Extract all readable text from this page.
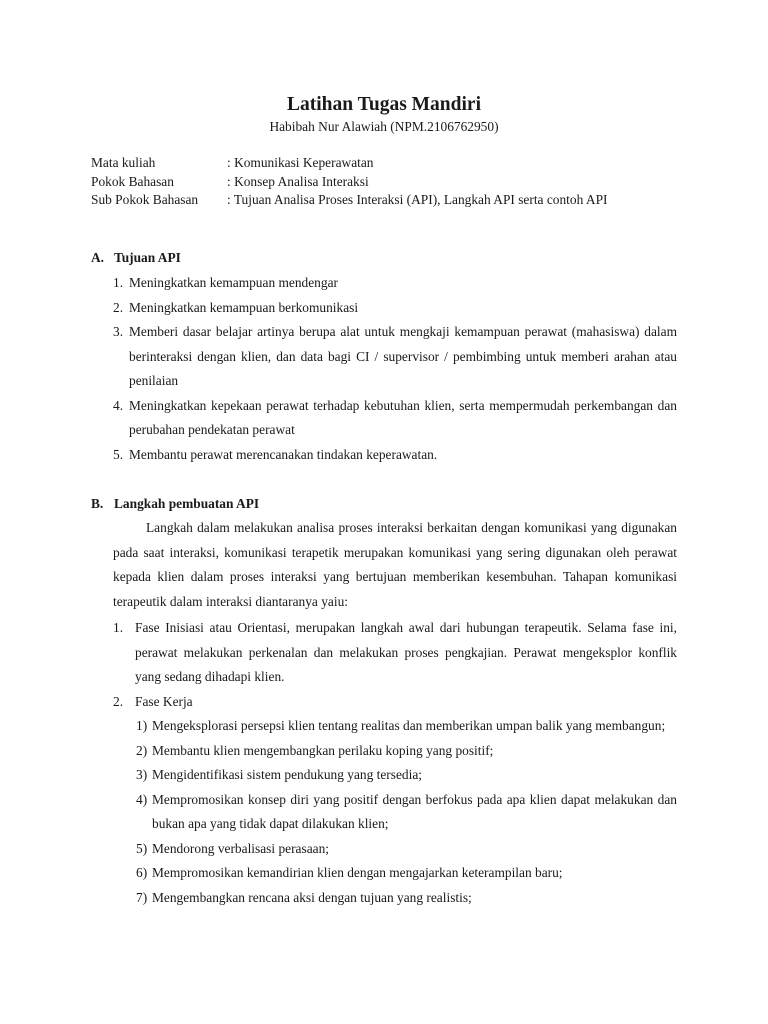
Latihan Tugas Mandiri
Habibah Nur Alawiah (NPM.2106762950)
Mata kuliah	: Komunikasi Keperawatan
Pokok Bahasan	: Konsep Analisa Interaksi
Sub Pokok Bahasan	: Tujuan Analisa Proses Interaksi (API), Langkah API serta contoh API
A. Tujuan API
1. Meningkatkan kemampuan mendengar
2. Meningkatkan kemampuan berkomunikasi
3. Memberi dasar belajar artinya berupa alat untuk mengkaji kemampuan perawat (mahasiswa) dalam berinteraksi dengan klien, dan data bagi CI / supervisor / pembimbing untuk memberi arahan atau penilaian
4. Meningkatkan kepekaan perawat terhadap kebutuhan klien, serta mempermudah perkembangan dan perubahan pendekatan perawat
5. Membantu perawat merencanakan tindakan keperawatan.
B. Langkah pembuatan API
Langkah dalam melakukan analisa proses interaksi berkaitan dengan komunikasi yang digunakan pada saat interaksi, komunikasi terapetik merupakan komunikasi yang sering digunakan oleh perawat kepada klien dalam proses interaksi yang bertujuan memberikan kesembuhan. Tahapan komunikasi terapeutik dalam interaksi diantaranya yaiu:
1. Fase Inisiasi atau Orientasi, merupakan langkah awal dari hubungan terapeutik. Selama fase ini, perawat melakukan perkenalan dan melakukan proses pengkajian. Perawat mengeksplor konflik yang sedang dihadapi klien.
2. Fase Kerja
1) Mengeksplorasi persepsi klien tentang realitas dan memberikan umpan balik yang membangun;
2) Membantu klien mengembangkan perilaku koping yang positif;
3) Mengidentifikasi sistem pendukung yang tersedia;
4) Mempromosikan konsep diri yang positif dengan berfokus pada apa klien dapat melakukan dan bukan apa yang tidak dapat dilakukan klien;
5) Mendorong verbalisasi perasaan;
6) Mempromosikan kemandirian klien dengan mengajarkan keterampilan baru;
7) Mengembangkan rencana aksi dengan tujuan yang realistis;
